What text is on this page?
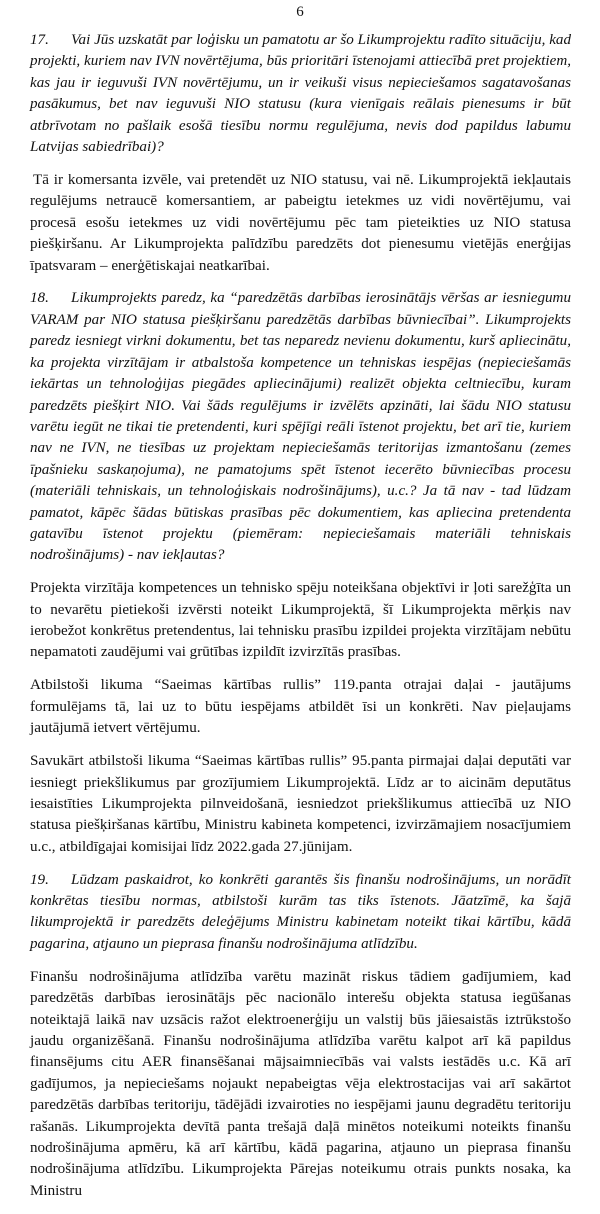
6

17. Vai Jūs uzskatāt par loģisku un pamatotu ar šo Likumprojektu radīto situāciju, kad projekti, kuriem nav IVN novērtējuma, būs prioritāri īstenojami attiecībā pret projektiem, kas jau ir ieguvuši IVN novērtējumu, un ir veikuši visus nepieciešamos sagatavošanas pasākumus, bet nav ieguvuši NIO statusu (kura vienīgais reālais pienesums ir būt atbrīvotam no pašlaik esošā tiesību normu regulējuma, nevis dod papildus labumu Latvijas sabiedrībai)?

Tā ir komersanta izvēle, vai pretendēt uz NIO statusu, vai nē. Likumprojektā iekļautais regulējums netraucē komersantiem, ar pabeigtu ietekmes uz vidi novērtējumu, vai procesā esošu ietekmes uz vidi novērtējumu pēc tam pieteikties uz NIO statusa piešķiršanu. Ar Likumprojekta palīdzību paredzēts dot pienesumu vietējās enerģijas īpatsvaram – enerģētiskajai neatkarībai.

18. Likumprojekts paredz, ka “paredzētās darbības ierosinātājs vēršas ar iesniegumu VARAM par NIO statusa piešķiršanu paredzētās darbības būvniecībai”. Likumprojekts paredz iesniegt virkni dokumentu, bet tas neparedz nevienu dokumentu, kurš apliecinātu, ka projekta virzītājam ir atbalstoša kompetence un tehniskas iespējas (nepieciešamās iekārtas un tehnoloģijas piegādes apliecinājumi) realizēt objekta celtniecību, kuram paredzēts piešķirt NIO. Vai šāds regulējums ir izvēlēts apzināti, lai šādu NIO statusu varētu iegūt ne tikai tie pretendenti, kuri spējīgi reāli īstenot projektu, bet arī tie, kuriem nav ne IVN, ne tiesības uz projektam nepieciešamās teritorijas izmantošanu (zemes īpašnieku saskaņojuma), ne pamatojums spēt īstenot iecerēto būvniecības procesu (materiāli tehniskais, un tehnoloģiskais nodrošinājums), u.c.? Ja tā nav - tad lūdzam pamatot, kāpēc šādas būtiskas prasības pēc dokumentiem, kas apliecina pretendenta gatavību īstenot projektu (piemēram: nepieciešamais materiāli tehniskais nodrošinājums) - nav iekļautas?

Projekta virzītāja kompetences un tehnisko spēju noteikšana objektīvi ir ļoti sarežģīta un to nevarētu pietiekoši izvērsti noteikt Likumprojektā, šī Likumprojekta mērķis nav ierobežot konkrētus pretendentus, lai tehnisku prasību izpildei projekta virzītājam nebūtu nepamatoti zaudējumi vai grūtības izpildīt izvirzītās prasības.

Atbilstoši likuma “Saeimas kārtības rullis” 119.panta otrajai daļai - jautājums formulējams tā, lai uz to būtu iespējams atbildēt īsi un konkrēti. Nav pieļaujams jautājumā ietvert vērtējumu.

Savukārt atbilstoši likuma “Saeimas kārtības rullis” 95.panta pirmajai daļai deputāti var iesniegt priekšlikumus par grozījumiem Likumprojektā. Līdz ar to aicinām deputātus iesaistīties Likumprojekta pilnveidošanā, iesniedzot priekšlikumus attiecībā uz NIO statusa piešķiršanas kārtību, Ministru kabineta kompetenci, izvirzāmajiem nosacījumiem u.c., atbildīgajai komisijai līdz 2022.gada 27.jūnijam.

19. Lūdzam paskaidrot, ko konkrēti garantēs šis finanšu nodrošinājums, un norādīt konkrētas tiesību normas, atbilstoši kurām tas tiks īstenots. Jāatzīmē, ka šajā likumprojektā ir paredzēts deleģējums Ministru kabinetam noteikt tikai kārtību, kādā pagarina, atjauno un pieprasa finanšu nodrošinājuma atlīdzību.

Finanšu nodrošinājuma atlīdzība varētu mazināt riskus tādiem gadījumiem, kad paredzētās darbības ierosinātājs pēc nacionālo interešu objekta statusa iegūšanas noteiktajā laikā nav uzsācis ražot elektroenerģiju un valstij būs jāiesaistās iztrūkstošo jaudu organizēšanā. Finanšu nodrošinājuma atlīdzība varētu kalpot arī kā papildus finansējums citu AER finansēšanai mājsaimniecībās vai valsts iestādēs u.c. Kā arī gadījumos, ja nepieciešams nojaukt nepabeigtas vēja elektrostacijas vai arī sakārtot paredzētās darbības teritoriju, tādējādi izvairoties no iespējami jaunu degradētu teritoriju rašanās. Likumprojekta devītā panta trešajā daļā minētos noteikumi noteikts finanšu nodrošinājuma apmēru, kā arī kārtību, kādā pagarina, atjauno un pieprasa finanšu nodrošinājuma atlīdzību. Likumprojekta Pārejas noteikumu otrais punkts nosaka, ka Ministru
